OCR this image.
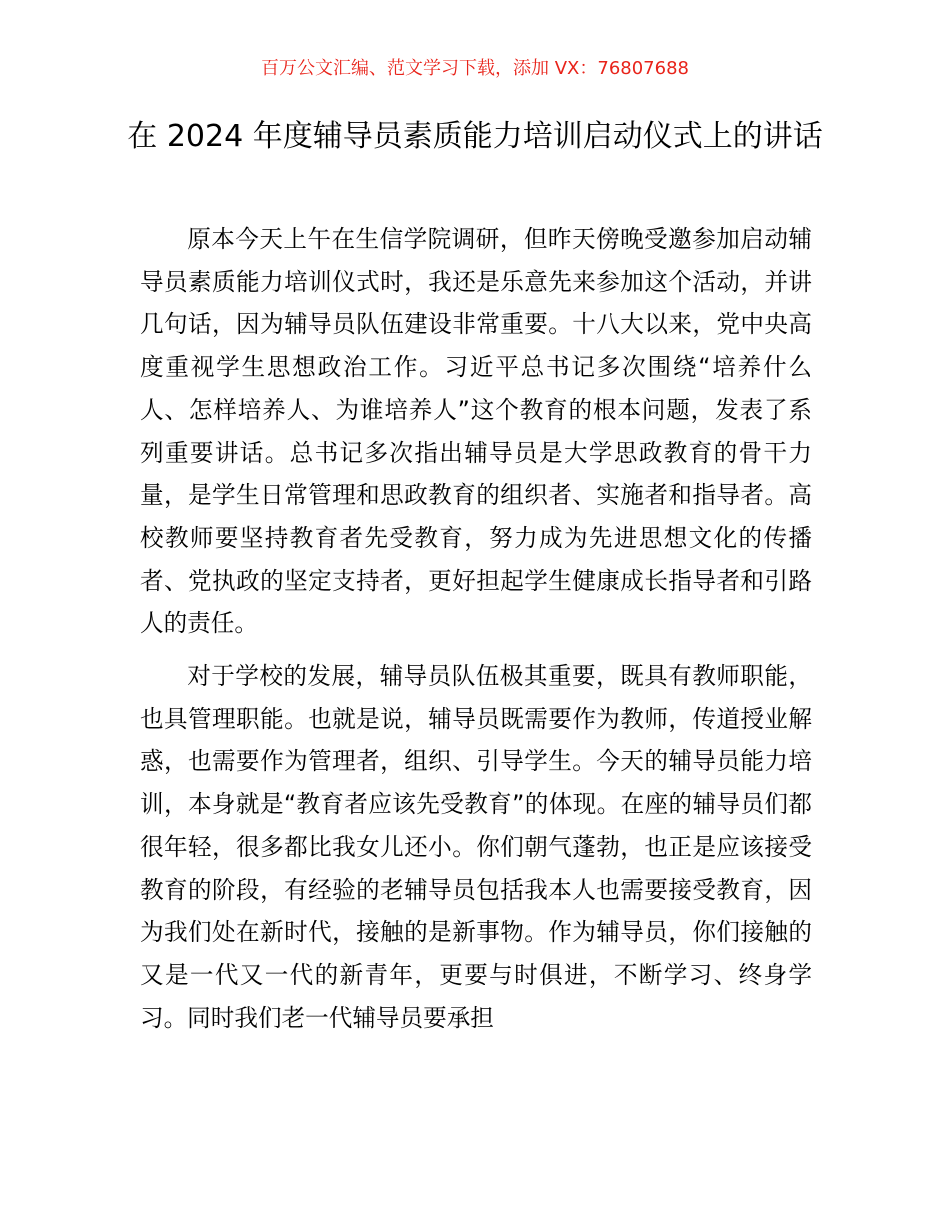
百万公文汇编、范文学习下载，添加 VX：76807688
在 2024 年度辅导员素质能力培训启动仪式上的讲话

原本今天上午在生信学院调研，但昨天傍晚受邀参加启动辅导员素质能力培训仪式时，我还是乐意先来参加这个活动，并讲几句话，因为辅导员队伍建设非常重要。十八大以来，党中央高度重视学生思想政治工作。习近平总书记多次围绕“培养什么人、怎样培养人、为谁培养人”这个教育的根本问题，发表了系列重要讲话。总书记多次指出辅导员是大学思政教育的骨干力量，是学生日常管理和思政教育的组织者、实施者和指导者。高校教师要坚持教育者先受教育，努力成为先进思想文化的传播者、党执政的坚定支持者，更好担起学生健康成长指导者和引路人的责任。

对于学校的发展，辅导员队伍极其重要，既具有教师职能，也具管理职能。也就是说，辅导员既需要作为教师，传道授业解惑，也需要作为管理者，组织、引导学生。今天的辅导员能力培训，本身就是“教育者应该先受教育”的体现。在座的辅导员们都很年轻，很多都比我女儿还小。你们朝气蓬勃，也正是应该接受教育的阶段，有经验的老辅导员包括我本人也需要接受教育，因为我们处在新时代，接触的是新事物。作为辅导员，你们接触的又是一代又一代的新青年，更要与时俱进，不断学习、终身学习。同时我们老一代辅导员要承担
